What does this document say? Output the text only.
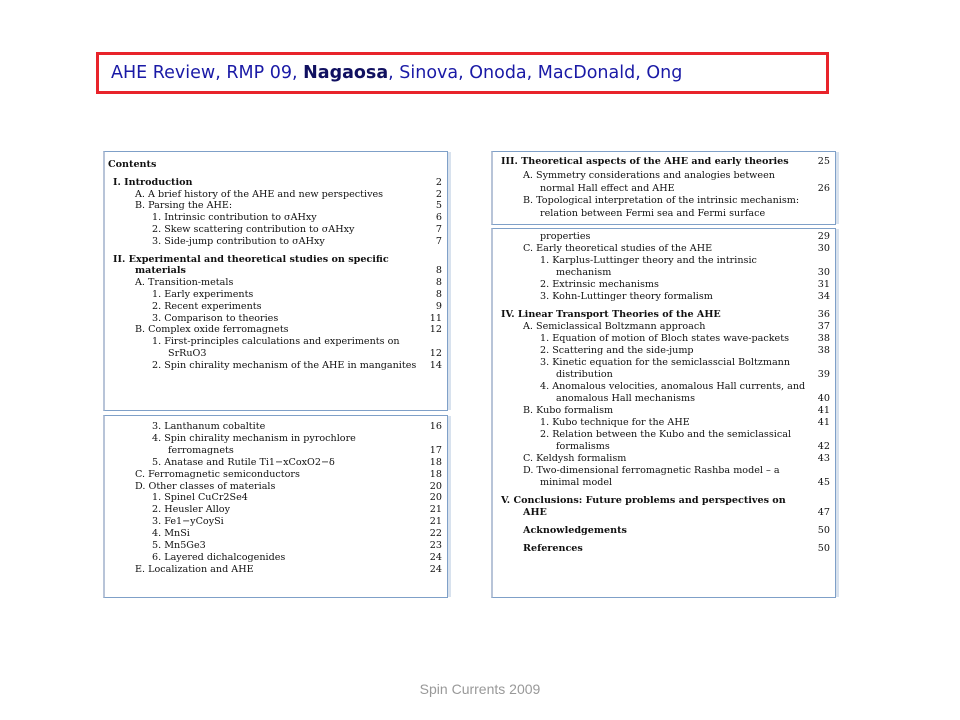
AHE Review, RMP 09,
Nagaosa , Sinova, Onoda, MacDonald, Ong
Contents
I. Introduction	2
A. A brief history of the AHE and new perspectives	2
B. Parsing the AHE:	5
1. Intrinsic contribution to σAHxy	6
2. Skew scattering contribution to σAHxy	7
3. Side-jump contribution to σAHxy	7
II. Experimental and theoretical studies on specific
materials	8
A. Transition-metals	8
1. Early experiments	8
2. Recent experiments	9
3. Comparison to theories	11
B. Complex oxide ferromagnets	12
1. First-principles calculations and experiments on
SrRuO3	12
2. Spin chirality mechanism of the AHE in manganites	14
3. Lanthanum cobaltite	16
4. Spin chirality mechanism in pyrochlore
ferromagnets	17
5. Anatase and Rutile Ti1−xCoxO2−δ	18
C. Ferromagnetic semiconductors	18
D. Other classes of materials	20
1. Spinel CuCr2Se4	20
2. Heusler Alloy	21
3. Fe1−yCoySi	21
4. MnSi	22
5. Mn5Ge3	23
6. Layered dichalcogenides	24
E. Localization and AHE	24
III. Theoretical aspects of the AHE and early theories	25
A. Symmetry considerations and analogies between
normal Hall effect and AHE	26
B. Topological interpretation of the intrinsic mechanism:
relation between Fermi sea and Fermi surface
properties	29
C. Early theoretical studies of the AHE	30
1. Karplus-Luttinger theory and the intrinsic
mechanism	30
2. Extrinsic mechanisms	31
3. Kohn-Luttinger theory formalism	34
IV. Linear Transport Theories of the AHE	36
A. Semiclassical Boltzmann approach	37
1. Equation of motion of Bloch states wave-packets	38
2. Scattering and the side-jump	38
3. Kinetic equation for the semiclasscial Boltzmann
distribution	39
4. Anomalous velocities, anomalous Hall currents, and
anomalous Hall mechanisms	40
B. Kubo formalism	41
1. Kubo technique for the AHE	41
2. Relation between the Kubo and the semiclassical
formalisms	42
C. Keldysh formalism	43
D. Two-dimensional ferromagnetic Rashba model – a
minimal model	45
V. Conclusions: Future problems and perspectives on
AHE	47
Acknowledgements	50
References	50
Spin Currents 2009
